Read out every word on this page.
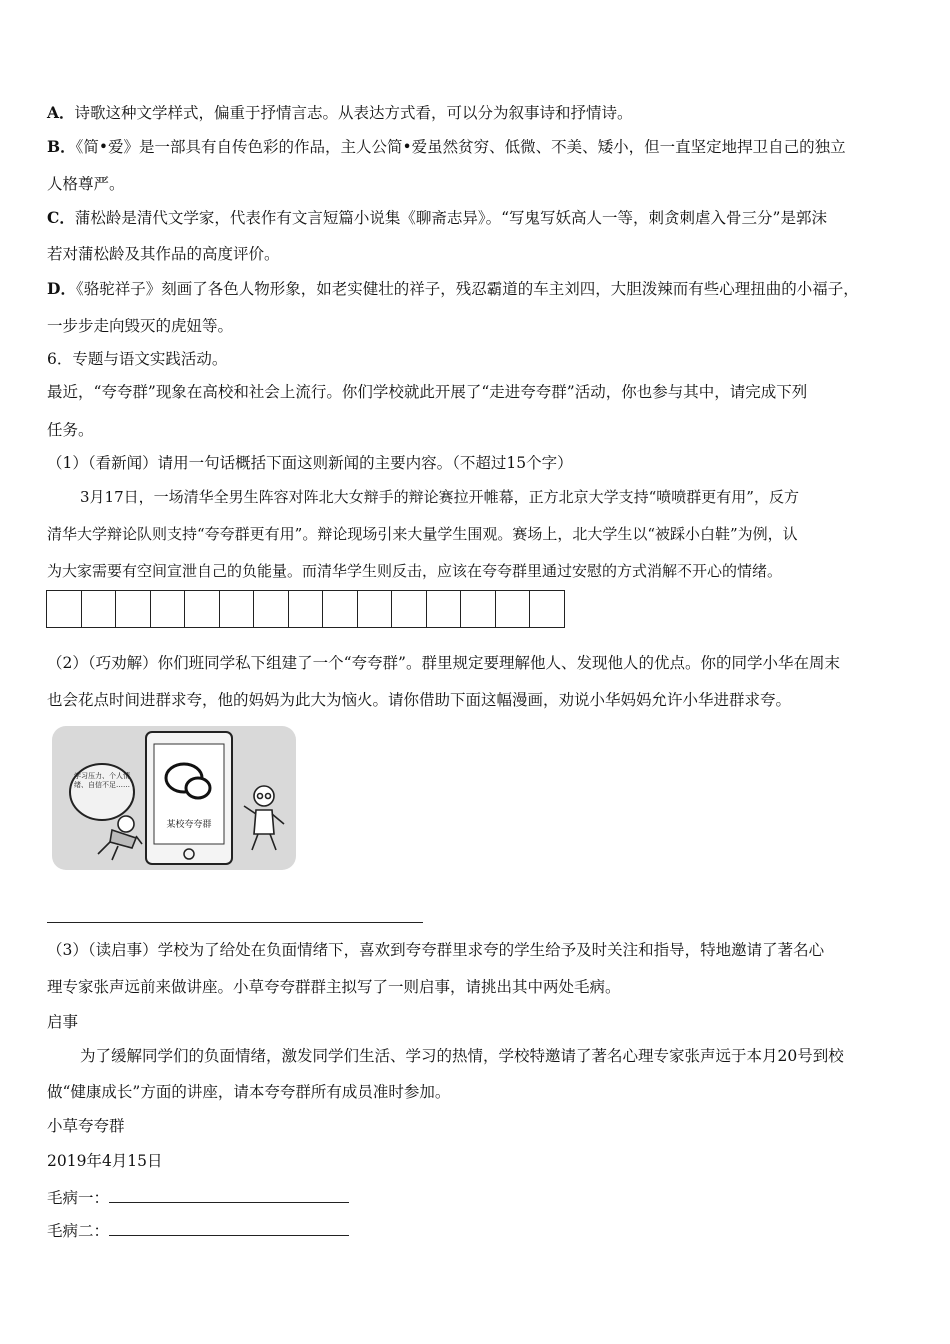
A．诗歌这种文学样式，偏重于抒情言志。从表达方式看，可以分为叙事诗和抒情诗。
B．《简•爱》是一部具有自传色彩的作品，主人公简•爱虽然贫穷、低微、不美、矮小，但一直坚定地捍卫自己的独立
人格尊严。
C．蒲松龄是清代文学家，代表作有文言短篇小说集《聊斋志异》。“写鬼写妖高人一等，刺贪刺虐入骨三分”是郭沫
若对蒲松龄及其作品的高度评价。
D．《骆驼祥子》刻画了各色人物形象，如老实健壮的祥子，残忍霸道的车主刘四，大胆泼辣而有些心理扭曲的小福子，
一步步走向毁灭的虎妞等。
6．专题与语文实践活动。
最近，“夸夸群”现象在高校和社会上流行。你们学校就此开展了“走进夸夸群”活动，你也参与其中，请完成下列
任务。
（1）（看新闻）请用一句话概括下面这则新闻的主要内容。（不超过15个字）
3月17日，一场清华全男生阵容对阵北大女辩手的辩论赛拉开帷幕，正方北京大学支持“喷喷群更有用”，反方
清华大学辩论队则支持“夸夸群更有用”。辩论现场引来大量学生围观。赛场上，北大学生以“被踩小白鞋”为例，认
为大家需要有空间宣泄自己的负能量。而清华学生则反击，应该在夸夸群里通过安慰的方式消解不开心的情绪。
（2）（巧劝解）你们班同学私下组建了一个“夸夸群”。群里规定要理解他人、发现他人的优点。你的同学小华在周末
也会花点时间进群求夸，他的妈妈为此大为恼火。请你借助下面这幅漫画，劝说小华妈妈允许小华进群求夸。
某校夸夸群
学习压力、个人情绪、自信不足……
（3）（读启事）学校为了给处在负面情绪下，喜欢到夸夸群里求夸的学生给予及时关注和指导，特地邀请了著名心
理专家张声远前来做讲座。小草夸夸群群主拟写了一则启事，请挑出其中两处毛病。
启事
为了缓解同学们的负面情绪，激发同学们生活、学习的热情，学校特邀请了著名心理专家张声远于本月20号到校
做“健康成长”方面的讲座，请本夸夸群所有成员准时参加。
小草夸夸群
2019年4月15日
毛病一：
毛病二：
